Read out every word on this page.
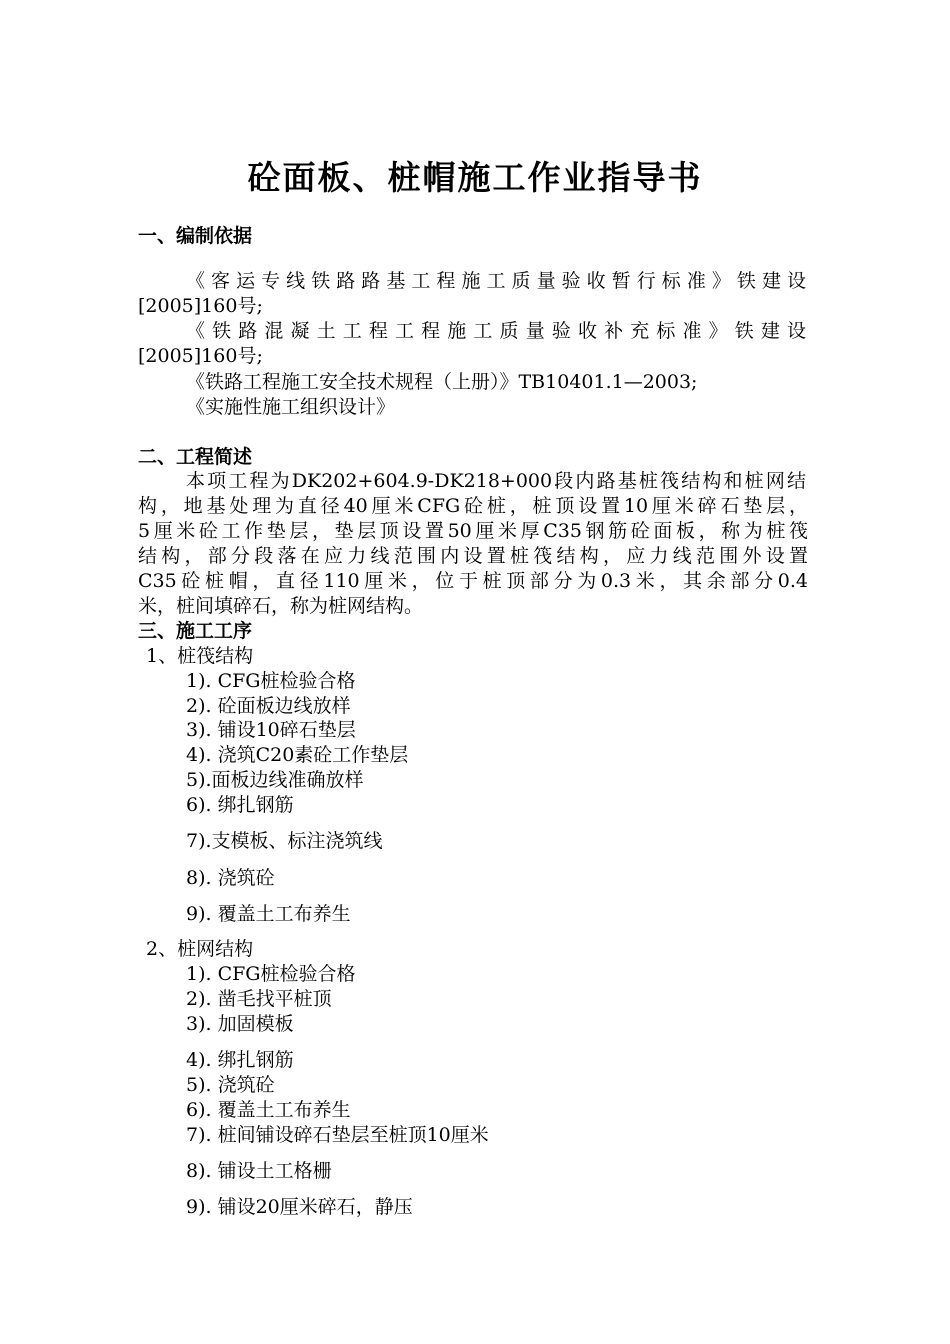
砼面板、桩帽施工作业指导书
一、编制依据
《客运专线铁路路基工程施工质量验收暂行标准》铁建设
[2005]160号;
《铁路混凝土工程工程施工质量验收补充标准》铁建设
[2005]160号;
《铁路工程施工安全技术规程（上册）》TB10401.1—2003;
《实施性施工组织设计》
二、工程简述
本项工程为DK202+604.9-DK218+000段内路基桩筏结构和桩网结
构，地基处理为直径40厘米CFG砼桩，桩顶设置10厘米碎石垫层，
5厘米砼工作垫层，垫层顶设置50厘米厚C35钢筋砼面板，称为桩筏
结构，部分段落在应力线范围内设置桩筏结构，应力线范围外设置
C35砼桩帽，直径110厘米，位于桩顶部分为0.3米，其余部分0.4
米，桩间填碎石，称为桩网结构。
三、施工工序
1、桩筏结构
1). CFG桩检验合格
2). 砼面板边线放样
3). 铺设10碎石垫层
4). 浇筑C20素砼工作垫层
5).面板边线准确放样
6). 绑扎钢筋
7).支模板、标注浇筑线
8). 浇筑砼
9). 覆盖土工布养生
2、桩网结构
1). CFG桩检验合格
2). 凿毛找平桩顶
3). 加固模板
4). 绑扎钢筋
5). 浇筑砼
6). 覆盖土工布养生
7). 桩间铺设碎石垫层至桩顶10厘米
8). 铺设土工格栅
9). 铺设20厘米碎石，静压
